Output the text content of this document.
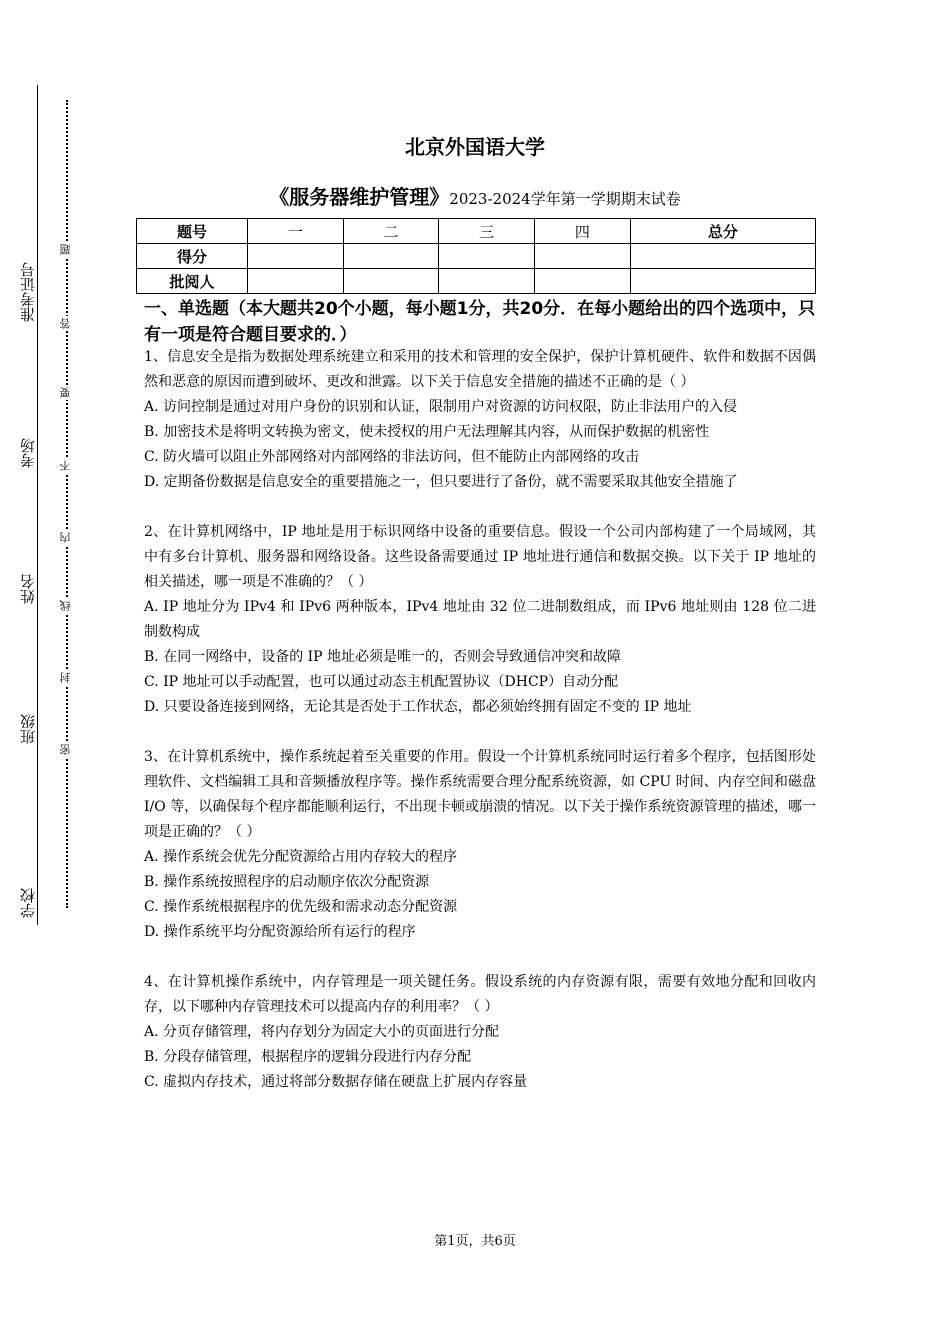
准考证号
考场
姓名
班级
学校
题
答
要
不
内
线
封
密
北京外国语大学
《服务器维护管理》2023-2024学年第一学期期末试卷
题号	一	二	三	四	总分
得分					
批阅人					
一、单选题（本大题共20个小题，每小题1分，共20分．在每小题给出的四个选项中，只有一项是符合题目要求的．）

1、信息安全是指为数据处理系统建立和采用的技术和管理的安全保护，保护计算机硬件、软件和数据不因偶然和恶意的原因而遭到破坏、更改和泄露。以下关于信息安全措施的描述不正确的是（ ）

A. 访问控制是通过对用户身份的识别和认证，限制用户对资源的访问权限，防止非法用户的入侵

B. 加密技术是将明文转换为密文，使未授权的用户无法理解其内容，从而保护数据的机密性

C. 防火墙可以阻止外部网络对内部网络的非法访问，但不能防止内部网络的攻击

D. 定期备份数据是信息安全的重要措施之一，但只要进行了备份，就不需要采取其他安全措施了

2、在计算机网络中，IP 地址是用于标识网络中设备的重要信息。假设一个公司内部构建了一个局域网，其中有多台计算机、服务器和网络设备。这些设备需要通过 IP 地址进行通信和数据交换。以下关于 IP 地址的相关描述，哪一项是不准确的？（ ）

A. IP 地址分为 IPv4 和 IPv6 两种版本，IPv4 地址由 32 位二进制数组成，而 IPv6 地址则由 128 位二进制数构成

B. 在同一网络中，设备的 IP 地址必须是唯一的，否则会导致通信冲突和故障

C. IP 地址可以手动配置，也可以通过动态主机配置协议（DHCP）自动分配

D. 只要设备连接到网络，无论其是否处于工作状态，都必须始终拥有固定不变的 IP 地址

3、在计算机系统中，操作系统起着至关重要的作用。假设一个计算机系统同时运行着多个程序，包括图形处理软件、文档编辑工具和音频播放程序等。操作系统需要合理分配系统资源，如 CPU 时间、内存空间和磁盘 I/O 等，以确保每个程序都能顺利运行，不出现卡顿或崩溃的情况。以下关于操作系统资源管理的描述，哪一项是正确的？（ ）

A. 操作系统会优先分配资源给占用内存较大的程序

B. 操作系统按照程序的启动顺序依次分配资源

C. 操作系统根据程序的优先级和需求动态分配资源

D. 操作系统平均分配资源给所有运行的程序

4、在计算机操作系统中，内存管理是一项关键任务。假设系统的内存资源有限，需要有效地分配和回收内存，以下哪种内存管理技术可以提高内存的利用率？（ ）

A. 分页存储管理，将内存划分为固定大小的页面进行分配

B. 分段存储管理，根据程序的逻辑分段进行内存分配

C. 虚拟内存技术，通过将部分数据存储在硬盘上扩展内存容量

第1页，共6页
